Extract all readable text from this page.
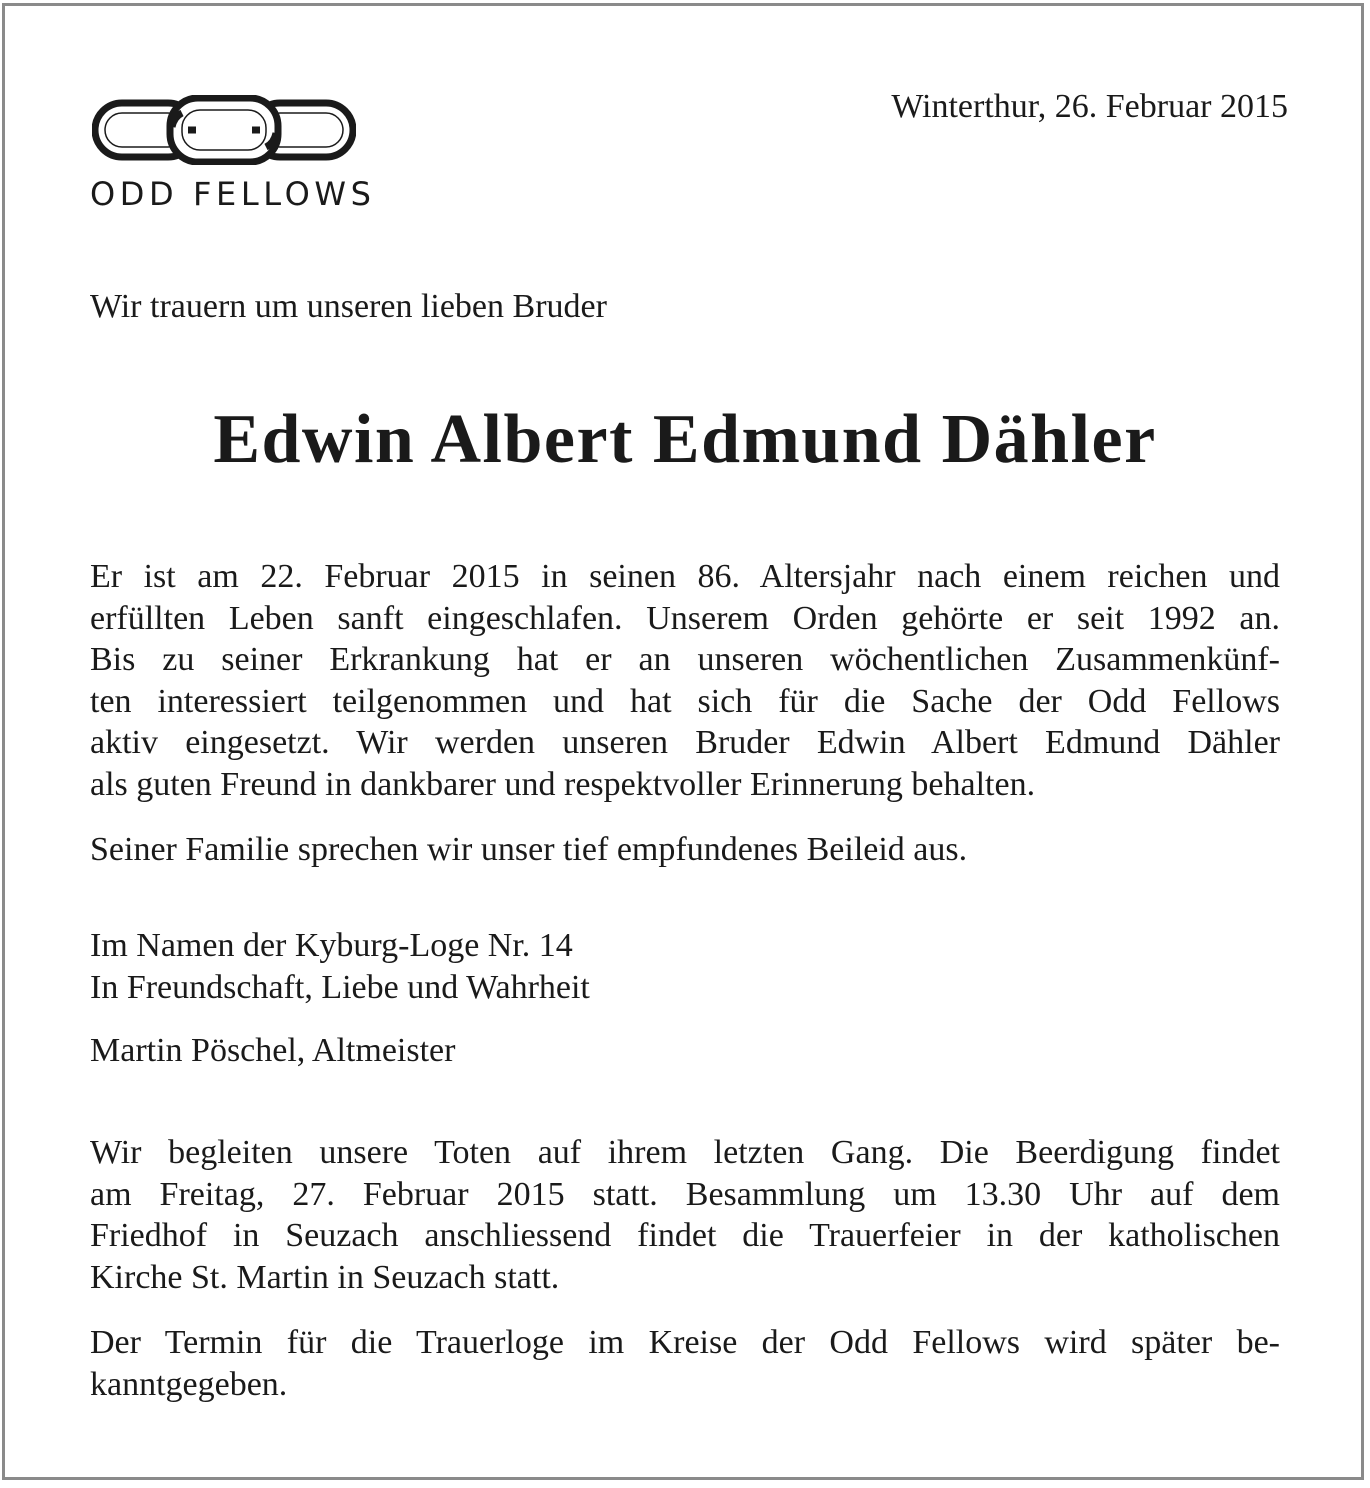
ODD FELLOWS
Winterthur, 26. Februar 2015
Wir trauern um unseren lieben Bruder
Edwin Albert Edmund Dähler
Er ist am 22. Februar 2015 in seinen 86. Altersjahr nach einem reichen und
erfüllten Leben sanft eingeschlafen. Unserem Orden gehörte er seit 1992 an.
Bis zu seiner Erkrankung hat er an unseren wöchentlichen Zusammenkünf-
ten interessiert teilgenommen und hat sich für die Sache der Odd Fellows
aktiv eingesetzt. Wir werden unseren Bruder Edwin Albert Edmund Dähler
als guten Freund in dankbarer und respektvoller Erinnerung behalten.
Seiner Familie sprechen wir unser tief empfundenes Beileid aus.
Im Namen der Kyburg-Loge Nr. 14
In Freundschaft, Liebe und Wahrheit
Martin Pöschel, Altmeister
Wir begleiten unsere Toten auf ihrem letzten Gang. Die Beerdigung findet
am Freitag, 27. Februar 2015 statt. Besammlung um 13.30 Uhr auf dem
Friedhof in Seuzach anschliessend findet die Trauerfeier in der katholischen
Kirche St. Martin in Seuzach statt.
Der Termin für die Trauerloge im Kreise der Odd Fellows wird später be-
kanntgegeben.
